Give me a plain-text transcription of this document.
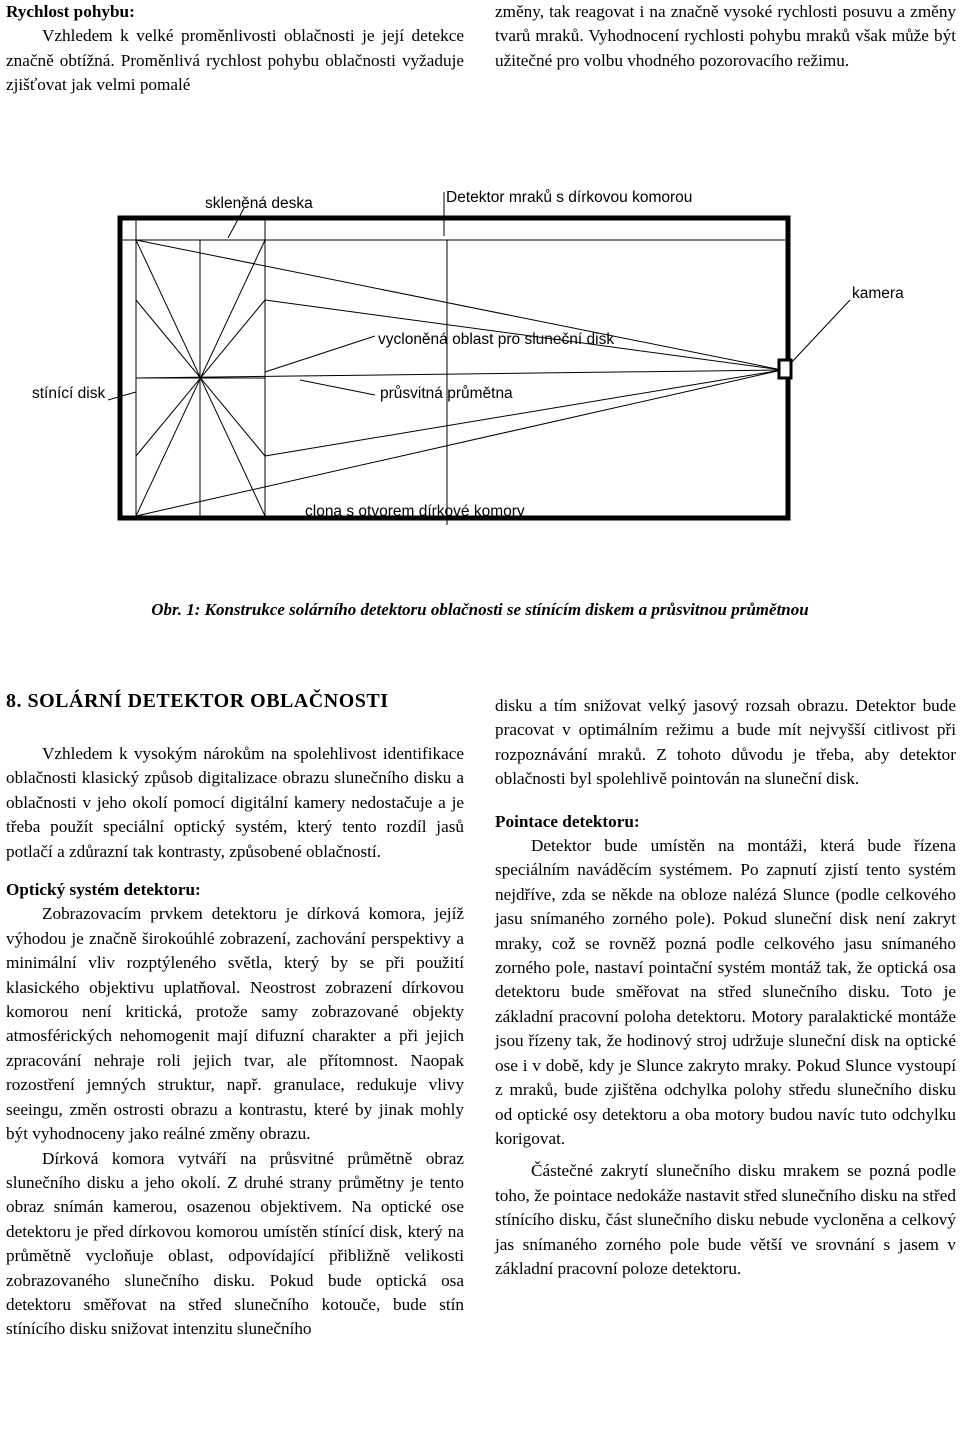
Rychlost pohybu:

Vzhledem k velké proměnlivosti oblačnosti je její detekce značně obtížná. Proměnlivá rychlost pohybu oblačnosti vyžaduje zjišťovat jak velmi pomalé

změny, tak reagovat i na značně vysoké rychlosti posuvu a změny tvarů mraků. Vyhodnocení rychlosti pohybu mraků však může být užitečné pro volbu vhodného pozorovacího režimu.

skleněná deska	Detektor mraků s dírkovou komorou
kamera
vycloněná oblast pro sluneční disk
průsvitná průmětna
stínící disk
clona s otvorem dírkové komory
Obr. 1: Konstrukce solárního detektoru oblačnosti se stínícím diskem a průsvitnou průmětnou
8. SOLÁRNÍ DETEKTOR OBLAČNOSTI

Vzhledem k vysokým nárokům na spolehlivost identifikace oblačnosti klasický způsob digitalizace obrazu slunečního disku a oblačnosti v jeho okolí pomocí digitální kamery nedostačuje a je třeba použít speciální optický systém, který tento rozdíl jasů potlačí a zdůrazní tak kontrasty, způsobené oblačností.

Optický systém detektoru:

Zobrazovacím prvkem detektoru je dírková komora, jejíž výhodou je značně širokoúhlé zobrazení, zachování perspektivy a minimální vliv rozptýleného světla, který by se při použití klasického objektivu uplatňoval. Neostrost zobrazení dírkovou komorou není kritická, protože samy zobrazované objekty atmosférických nehomogenit mají difuzní charakter a při jejich zpracování nehraje roli jejich tvar, ale přítomnost. Naopak rozostření jemných struktur, např. granulace, redukuje vlivy seeingu, změn ostrosti obrazu a kontrastu, které by jinak mohly být vyhodnoceny jako reálné změny obrazu.

Dírková komora vytváří na průsvitné průmětně obraz slunečního disku a jeho okolí. Z druhé strany průmětny je tento obraz snímán kamerou, osazenou objektivem. Na optické ose detektoru je před dírkovou komorou umístěn stínící disk, který na průmětně vycloňuje oblast, odpovídající přibližně velikosti zobrazovaného slunečního disku. Pokud bude optická osa detektoru směřovat na střed slunečního kotouče, bude stín stínícího disku snižovat intenzitu slunečního

disku a tím snižovat velký jasový rozsah obrazu. Detektor bude pracovat v optimálním režimu a bude mít nejvyšší citlivost při rozpoznávání mraků. Z tohoto důvodu je třeba, aby detektor oblačnosti byl spolehlivě pointován na sluneční disk.

Pointace detektoru:

Detektor bude umístěn na montáži, která bude řízena speciálním naváděcím systémem. Po zapnutí zjistí tento systém nejdříve, zda se někde na obloze nalézá Slunce (podle celkového jasu snímaného zorného pole). Pokud sluneční disk není zakryt mraky, což se rovněž pozná podle celkového jasu snímaného zorného pole, nastaví pointační systém montáž tak, že optická osa detektoru bude směřovat na střed slunečního disku. Toto je základní pracovní poloha detektoru. Motory paralaktické montáže jsou řízeny tak, že hodinový stroj udržuje sluneční disk na optické ose i v době, kdy je Slunce zakryto mraky. Pokud Slunce vystoupí z mraků, bude zjištěna odchylka polohy středu slunečního disku od optické osy detektoru a oba motory budou navíc tuto odchylku korigovat.

Částečné zakrytí slunečního disku mrakem se pozná podle toho, že pointace nedokáže nastavit střed slunečního disku na střed stínícího disku, část slunečního disku nebude vycloněna a celkový jas snímaného zorného pole bude větší ve srovnání s jasem v základní pracovní poloze detektoru.
